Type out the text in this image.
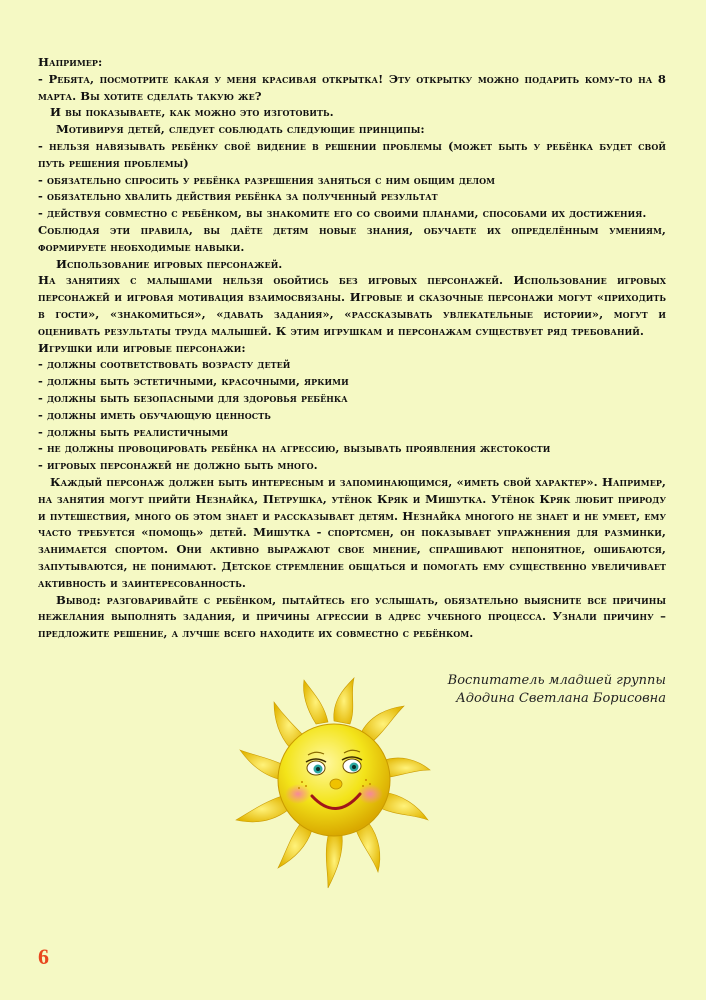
Например:

- Ребята, посмотрите какая у меня красивая открытка! Эту открытку можно подарить кому-то на 8 марта. Вы хотите сделать такую же?

И вы показываете, как можно это изготовить.

Мотивируя детей, следует соблюдать следующие принципы:

- нельзя навязывать ребёнку своё видение в решении проблемы (может быть у ребёнка будет свой путь решения проблемы)

- обязательно спросить у ребёнка разрешения заняться с ним общим делом

- обязательно хвалить действия ребёнка за полученный результат

- действуя совместно с ребёнком, вы знакомите его со своими планами, способами их достижения.

Соблюдая эти правила, вы даёте детям новые знания, обучаете их определённым умениям, формируете необходимые навыки.

Использование игровых персонажей.

На занятиях с малышами нельзя обойтись без игровых персонажей. Использование игровых персонажей и игровая мотивация взаимосвязаны. Игровые и сказочные персонажи могут «приходить в гости», «знакомиться», «давать задания», «рассказывать увлекательные истории», могут и оценивать результаты труда малышей. К этим игрушкам и персонажам существует ряд требований.

Игрушки или игровые персонажи:

- должны соответствовать возрасту детей

- должны быть эстетичными, красочными, яркими

- должны быть безопасными для здоровья ребёнка

- должны иметь обучающую ценность

- должны быть реалистичными

- не должны провоцировать ребёнка на агрессию, вызывать проявления жестокости

- игровых персонажей не должно быть много.

Каждый персонаж должен быть интересным и запоминающимся, «иметь свой характер». Например, на занятия могут прийти Незнайка, Петрушка, утёнок Кряк и Мишутка. Утёнок Кряк любит природу и путешествия, много об этом знает и рассказывает детям. Незнайка многого не знает и не умеет, ему часто требуется «помощь» детей. Мишутка - спортсмен, он показывает упражнения для разминки, занимается спортом. Они активно выражают свое мнение, спрашивают непонятное, ошибаются, запутываются, не понимают. Детское стремление общаться и помогать ему существенно увеличивает активность и заинтересованность.

Вывод: разговаривайте с ребёнком, пытайтесь его услышать, обязательно выясните все причины нежелания выполнять задания, и причины агрессии в адрес учебного процесса. Узнали причину – предложите решение, а лучше всего находите их совместно с ребёнком.

Воспитатель младшей группы
Адодина Светлана Борисовна
6
